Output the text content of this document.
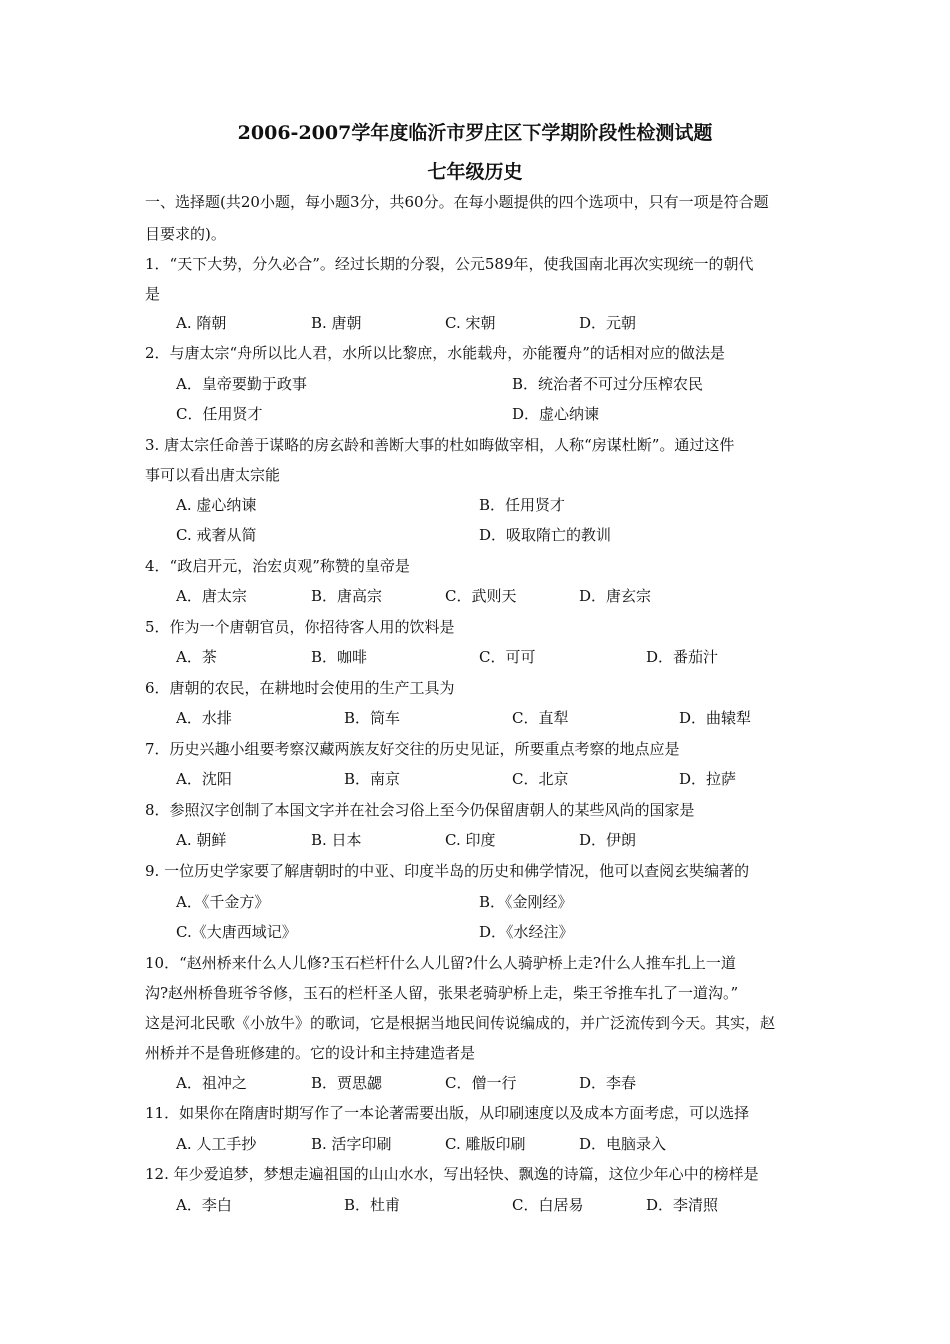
2006-2007学年度临沂市罗庄区下学期阶段性检测试题
七年级历史
一、选择题(共20小题，每小题3分，共60分。在每小题提供的四个选项中，只有一项是符合题
目要求的)。
1．“天下大势，分久必合”。经过长期的分裂，公元589年，使我国南北再次实现统一的朝代
是
A. 隋朝	B. 唐朝	C. 宋朝	D．元朝
2．与唐太宗“舟所以比人君，水所以比黎庶，水能载舟，亦能覆舟”的话相对应的做法是
A．皇帝要勤于政事	B．统治者不可过分压榨农民
C．任用贤才	D．虚心纳谏
3. 唐太宗任命善于谋略的房玄龄和善断大事的杜如晦做宰相，人称“房谋杜断”。通过这件
事可以看出唐太宗能
A. 虚心纳谏	B．任用贤才
C. 戒奢从简	D．吸取隋亡的教训
4．“政启开元，治宏贞观”称赞的皇帝是
A．唐太宗	B．唐高宗	C．武则天	D．唐玄宗
5．作为一个唐朝官员，你招待客人用的饮料是
A．茶	B．咖啡	C．可可	D．番茄汁
6．唐朝的农民，在耕地时会使用的生产工具为
A．水排	B．筒车	C．直犁	D．曲辕犁
7．历史兴趣小组要考察汉藏两族友好交往的历史见证，所要重点考察的地点应是
A．沈阳	B．南京	C．北京	D．拉萨
8．参照汉字创制了本国文字并在社会习俗上至今仍保留唐朝人的某些风尚的国家是
A. 朝鲜	B. 日本	C. 印度	D．伊朗
9. 一位历史学家要了解唐朝时的中亚、印度半岛的历史和佛学情况，他可以查阅玄奘编著的
A．《千金方》	B．《金刚经》
C.《大唐西域记》	D．《水经注》
10．“赵州桥来什么人儿修?玉石栏杆什么人儿留?什么人骑驴桥上走?什么人推车扎上一道
沟?赵州桥鲁班爷爷修，玉石的栏杆圣人留，张果老骑驴桥上走，柴王爷推车扎了一道沟。”
这是河北民歌《小放牛》的歌词，它是根据当地民间传说编成的，并广泛流传到今天。其实，赵
州桥并不是鲁班修建的。它的设计和主持建造者是
A．祖冲之	B．贾思勰	C．僧一行	D．李春
11．如果你在隋唐时期写作了一本论著需要出版，从印刷速度以及成本方面考虑，可以选择
A. 人工手抄	B. 活字印刷	C. 雕版印刷	D．电脑录入
12. 年少爱追梦，梦想走遍祖国的山山水水，写出轻快、飘逸的诗篇，这位少年心中的榜样是
A．李白	B．杜甫	C．白居易	D．李清照
